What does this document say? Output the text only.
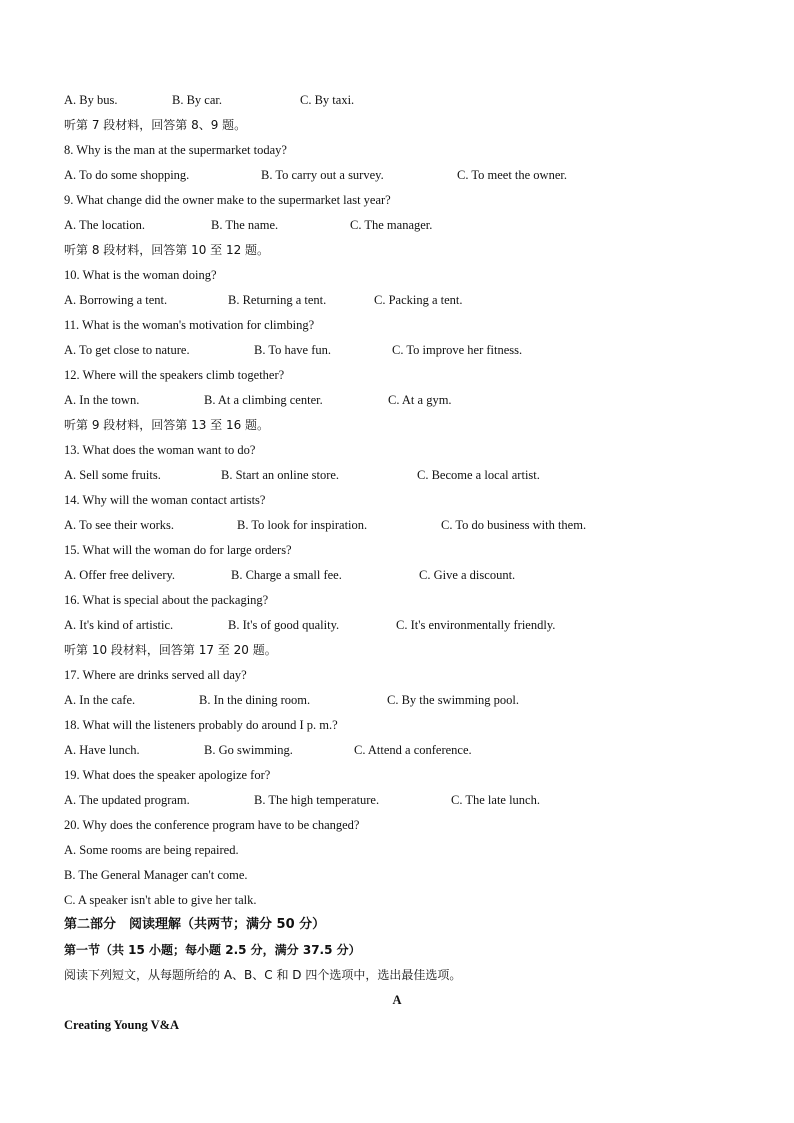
A. By bus.	B. By car.	C. By taxi.
听第 7 段材料，回答第 8、9 题。
8. Why is the man at the supermarket today?
A. To do some shopping.	B. To carry out a survey.	C. To meet the owner.
9. What change did the owner make to the supermarket last year?
A. The location.	B. The name.	C. The manager.
听第 8 段材料，回答第 10 至 12 题。
10. What is the woman doing?
A. Borrowing a tent.	B. Returning a tent.	C. Packing a tent.
11. What is the woman's motivation for climbing?
A. To get close to nature.	B. To have fun.	C. To improve her fitness.
12. Where will the speakers climb together?
A. In the town.	B. At a climbing center.	C. At a gym.
听第 9 段材料，回答第 13 至 16 题。
13. What does the woman want to do?
A. Sell some fruits.	B. Start an online store.	C. Become a local artist.
14. Why will the woman contact artists?
A. To see their works.	B. To look for inspiration.	C. To do business with them.
15. What will the woman do for large orders?
A. Offer free delivery.	B. Charge a small fee.	C. Give a discount.
16. What is special about the packaging?
A. It's kind of artistic.	B. It's of good quality.	C. It's environmentally friendly.
听第 10 段材料，回答第 17 至 20 题。
17. Where are drinks served all day?
A. In the cafe.	B. In the dining room.	C. By the swimming pool.
18. What will the listeners probably do around I p. m.?
A. Have lunch.	B. Go swimming.	C. Attend a conference.
19. What does the speaker apologize for?
A. The updated program.	B. The high temperature.	C. The late lunch.
20. Why does the conference program have to be changed?
A. Some rooms are being repaired.
B. The General Manager can't come.
C. A speaker isn't able to give her talk.
第二部分　阅读理解（共两节；满分 50 分）
第一节（共 15 小题；每小题 2.5 分，满分 37.5 分）
阅读下列短文，从每题所给的 A、B、C 和 D 四个选项中，选出最佳选项。
A
Creating Young V&A
